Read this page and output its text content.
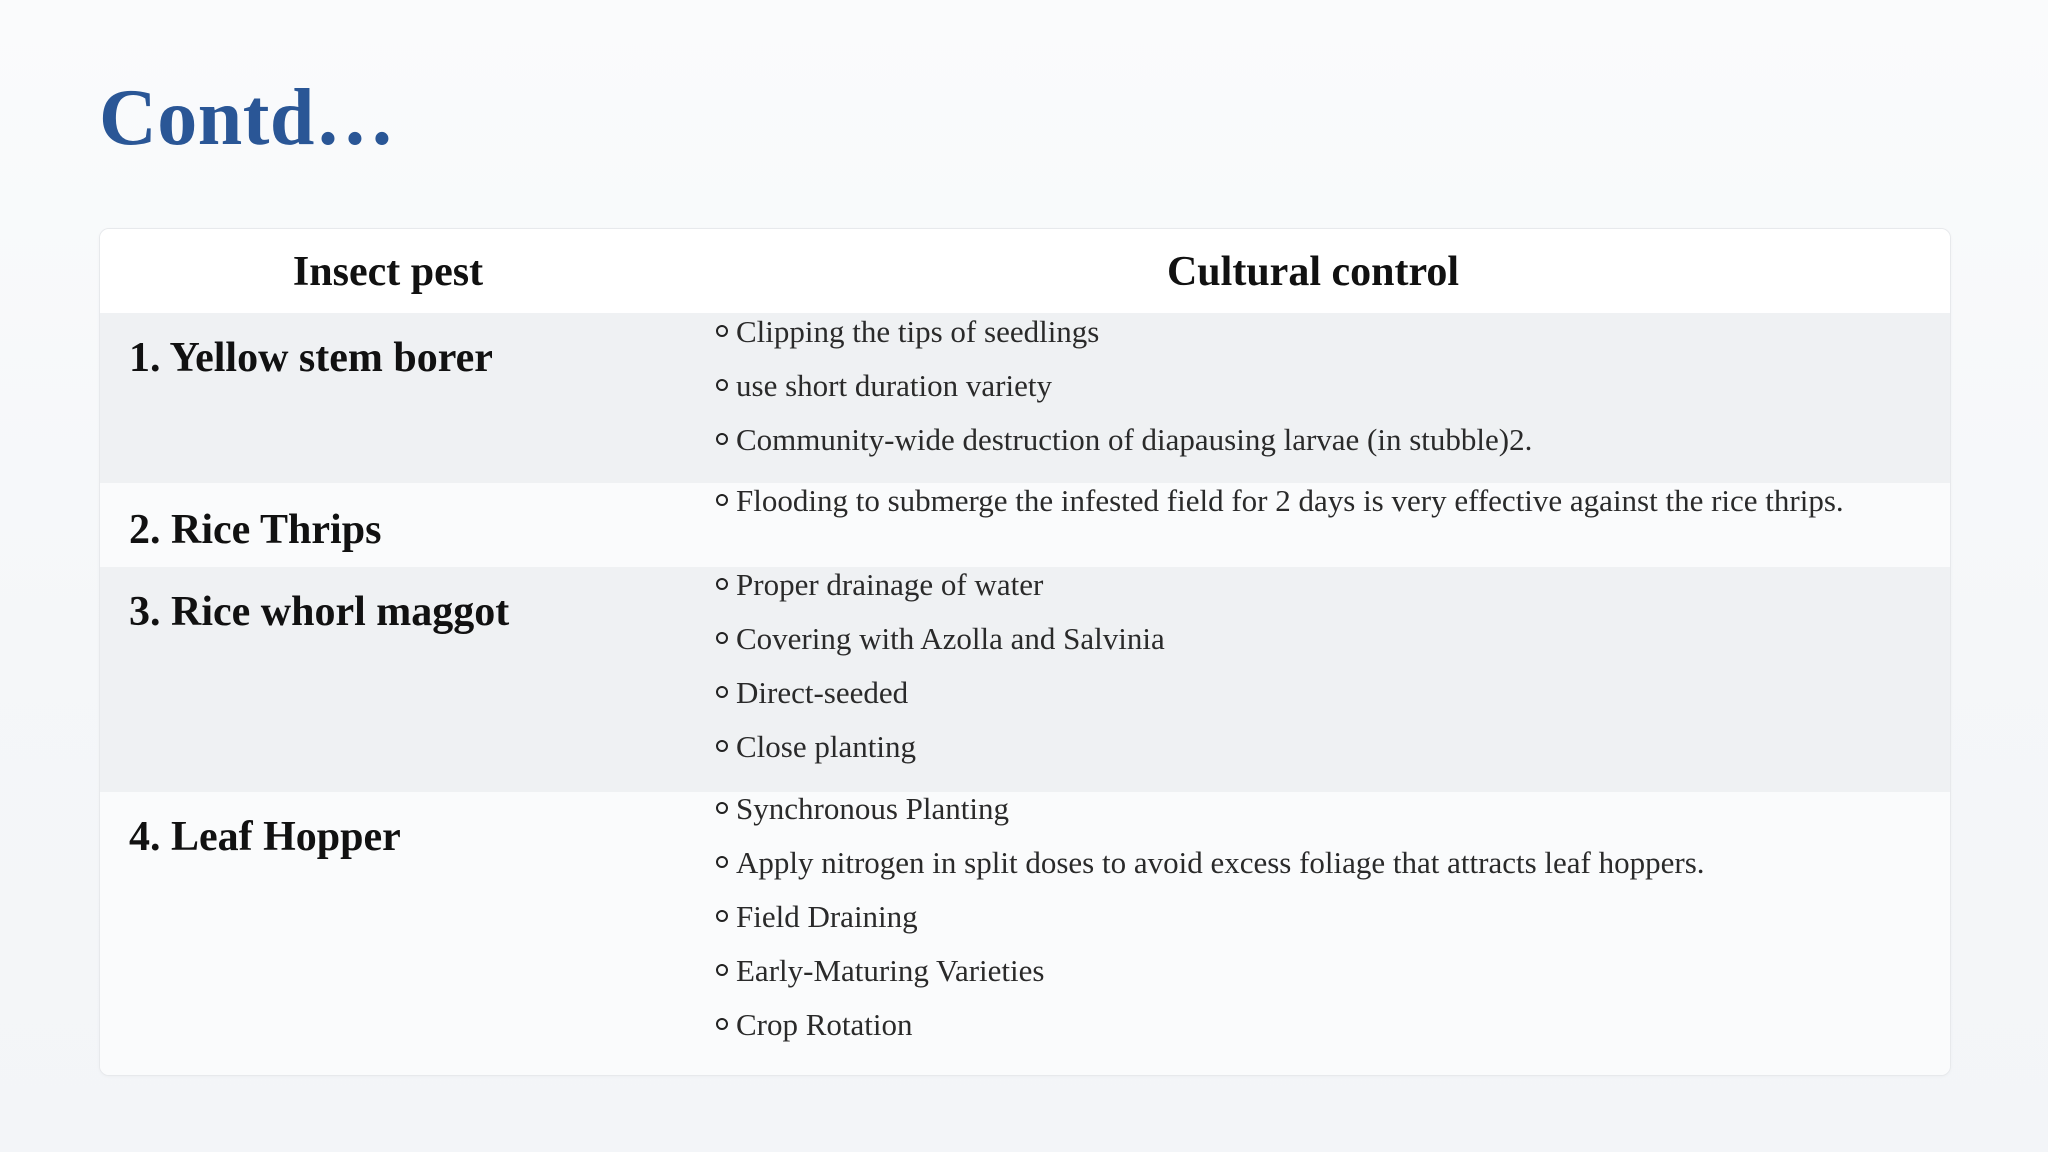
Contd…
Insect pest	Cultural control
1. Yellow stem borer
Clipping the tips of seedlings
use short duration variety
Community-wide destruction of diapausing larvae (in stubble)2.
2. Rice Thrips
Flooding to submerge the infested field for 2 days is very effective against the rice thrips.
3. Rice whorl maggot
Proper drainage of water
Covering with Azolla and Salvinia
Direct-seeded
Close planting
4. Leaf Hopper
Synchronous Planting
Apply nitrogen in split doses to avoid excess foliage that attracts leaf hoppers.
Field Draining
Early-Maturing Varieties
Crop Rotation
